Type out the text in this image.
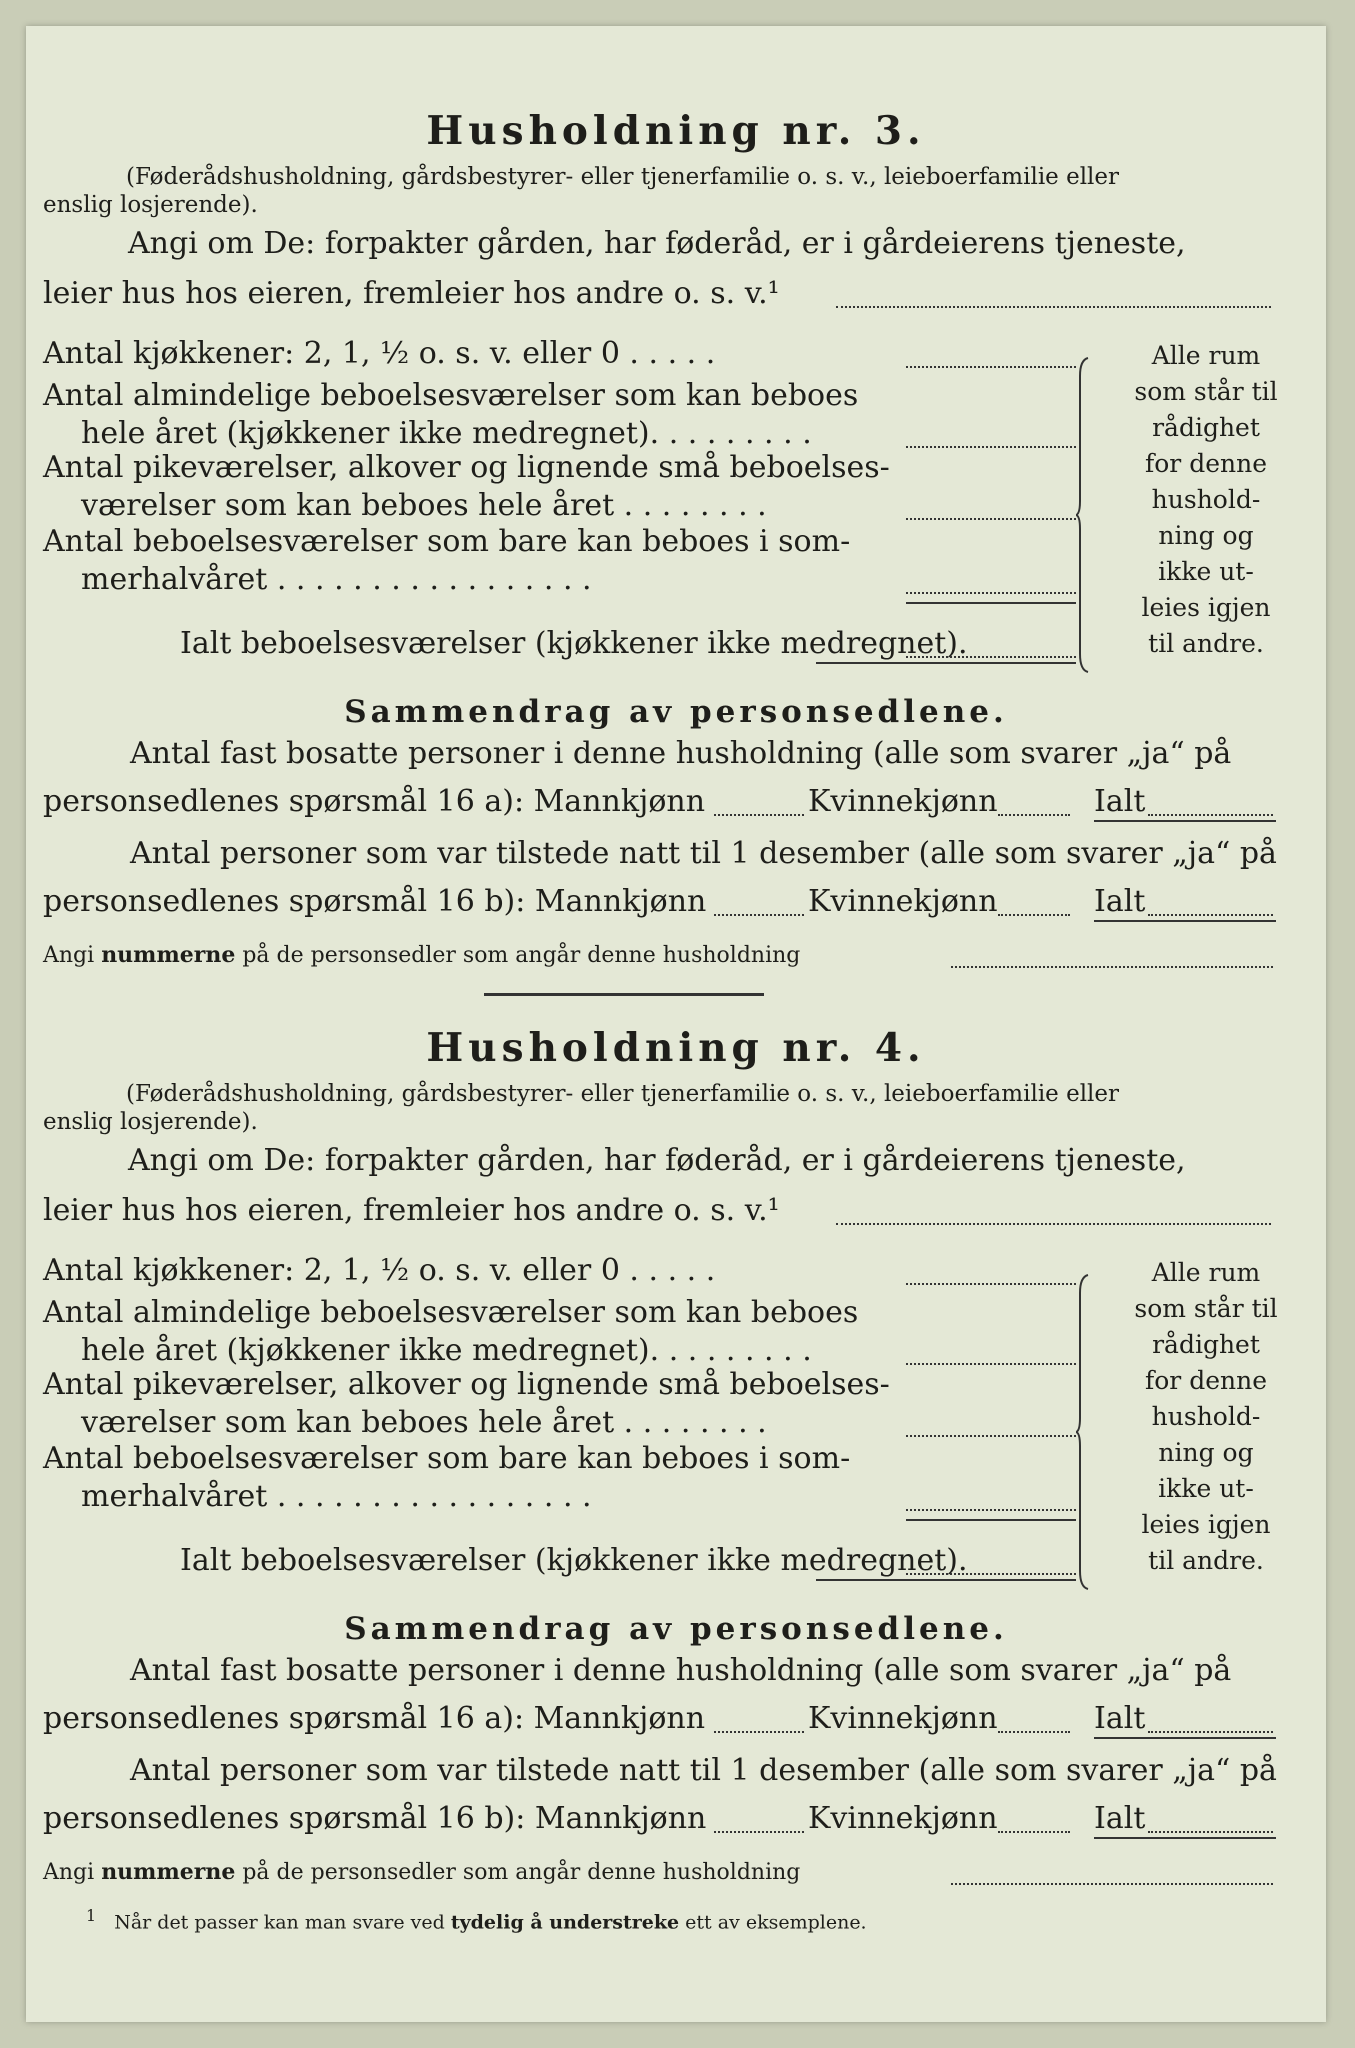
Husholdning nr. 3.
(Føderådshusholdning, gårdsbestyrer- eller tjenerfamilie o. s. v., leieboerfamilie eller
enslig losjerende).
Angi om De: forpakter gården, har føderåd, er i gårdeierens tjeneste,
leier hus hos eieren, fremleier hos andre o. s. v.¹
Antal kjøkkener: 2, 1, ½ o. s. v. eller 0 . . . . .
Antal almindelige beboelsesværelser som kan beboes
hele året (kjøkkener ikke medregnet). . . . . . . . .
Antal pikeværelser, alkover og lignende små beboelses-
værelser som kan beboes hele året . . . . . . . .
Antal beboelsesværelser som bare kan beboes i som-
merhalvåret . . . . . . . . . . . . . . . . .
Ialt beboelsesværelser (kjøkkener ikke medregnet).
Alle rum
som står til
rådighet
for denne
hushold-
ning og
ikke ut-
leies igjen
til andre.
Sammendrag av personsedlene.
Antal fast bosatte personer i denne husholdning (alle som svarer „ja“ på
personsedlenes spørsmål 16 a): Mannkjønn	Kvinnekjønn	Ialt
Antal personer som var tilstede natt til 1 desember (alle som svarer „ja“ på
personsedlenes spørsmål 16 b): Mannkjønn	Kvinnekjønn	Ialt
Angi nummerne på de personsedler som angår denne husholdning
Husholdning nr. 4.
(Føderådshusholdning, gårdsbestyrer- eller tjenerfamilie o. s. v., leieboerfamilie eller
enslig losjerende).
Angi om De: forpakter gården, har føderåd, er i gårdeierens tjeneste,
leier hus hos eieren, fremleier hos andre o. s. v.¹
Antal kjøkkener: 2, 1, ½ o. s. v. eller 0 . . . . .
Antal almindelige beboelsesværelser som kan beboes
hele året (kjøkkener ikke medregnet). . . . . . . . .
Antal pikeværelser, alkover og lignende små beboelses-
værelser som kan beboes hele året . . . . . . . .
Antal beboelsesværelser som bare kan beboes i som-
merhalvåret . . . . . . . . . . . . . . . . .
Ialt beboelsesværelser (kjøkkener ikke medregnet).
Alle rum
som står til
rådighet
for denne
hushold-
ning og
ikke ut-
leies igjen
til andre.
Sammendrag av personsedlene.
Antal fast bosatte personer i denne husholdning (alle som svarer „ja“ på
personsedlenes spørsmål 16 a): Mannkjønn	Kvinnekjønn	Ialt
Antal personer som var tilstede natt til 1 desember (alle som svarer „ja“ på
personsedlenes spørsmål 16 b): Mannkjønn	Kvinnekjønn	Ialt
Angi nummerne på de personsedler som angår denne husholdning
$^1$ Når det passer kan man svare ved tydelig å understreke ett av eksemplene.
